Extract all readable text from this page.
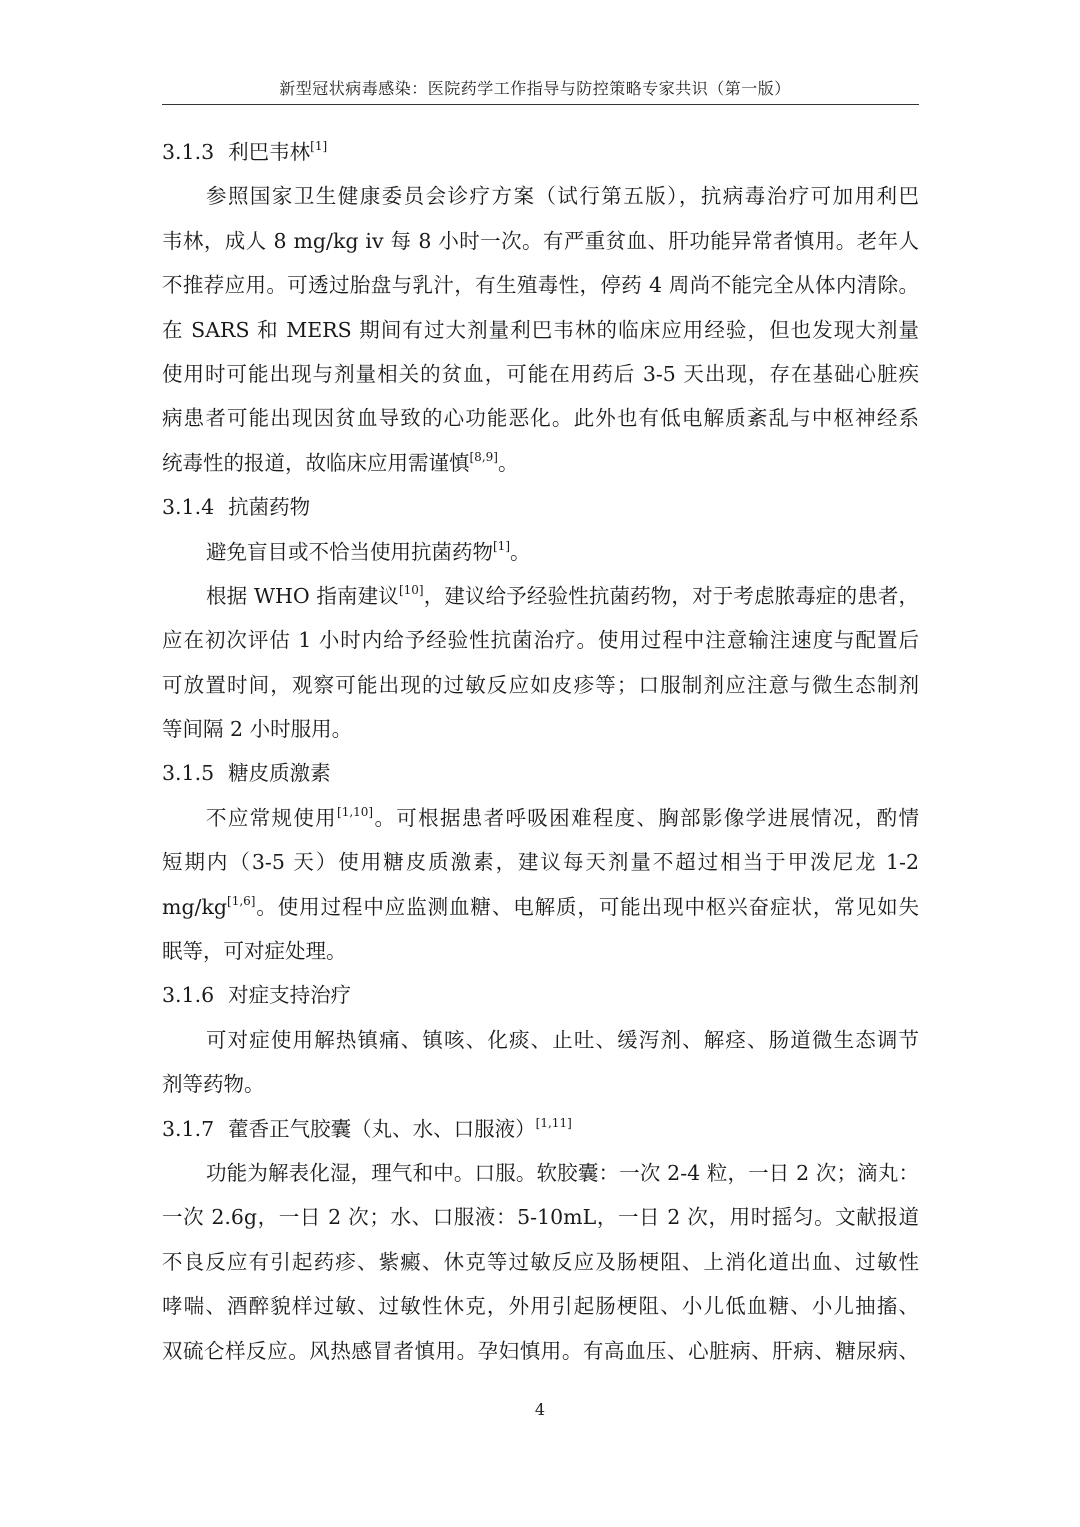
新型冠状病毒感染：医院药学工作指导与防控策略专家共识（第一版）
3.1.3 利巴韦林[1]
参照国家卫生健康委员会诊疗方案（试行第五版），抗病毒治疗可加用利巴
韦林，成人 8 mg/kg iv 每 8 小时一次。有严重贫血、肝功能异常者慎用。老年人
不推荐应用。可透过胎盘与乳汁，有生殖毒性，停药 4 周尚不能完全从体内清除。
在 SARS 和 MERS 期间有过大剂量利巴韦林的临床应用经验，但也发现大剂量
使用时可能出现与剂量相关的贫血，可能在用药后 3-5 天出现，存在基础心脏疾
病患者可能出现因贫血导致的心功能恶化。此外也有低电解质紊乱与中枢神经系
统毒性的报道，故临床应用需谨慎[8,9]。
3.1.4 抗菌药物
避免盲目或不恰当使用抗菌药物[1]。
根据 WHO 指南建议[10]，建议给予经验性抗菌药物，对于考虑脓毒症的患者，
应在初次评估 1 小时内给予经验性抗菌治疗。使用过程中注意输注速度与配置后
可放置时间，观察可能出现的过敏反应如皮疹等；口服制剂应注意与微生态制剂
等间隔 2 小时服用。
3.1.5 糖皮质激素
不应常规使用[1,10]。可根据患者呼吸困难程度、胸部影像学进展情况，酌情
短期内（3-5 天）使用糖皮质激素，建议每天剂量不超过相当于甲泼尼龙 1-2
mg/kg[1,6]。使用过程中应监测血糖、电解质，可能出现中枢兴奋症状，常见如失
眠等，可对症处理。
3.1.6 对症支持治疗
可对症使用解热镇痛、镇咳、化痰、止吐、缓泻剂、解痉、肠道微生态调节
剂等药物。
3.1.7 藿香正气胶囊（丸、水、口服液）[1,11]
功能为解表化湿，理气和中。口服。软胶囊：一次 2-4 粒，一日 2 次；滴丸：
一次 2.6g，一日 2 次；水、口服液：5-10mL，一日 2 次，用时摇匀。文献报道
不良反应有引起药疹、紫癜、休克等过敏反应及肠梗阻、上消化道出血、过敏性
哮喘、酒醉貌样过敏、过敏性休克，外用引起肠梗阻、小儿低血糖、小儿抽搐、
双硫仑样反应。风热感冒者慎用。孕妇慎用。有高血压、心脏病、肝病、糖尿病、
4
